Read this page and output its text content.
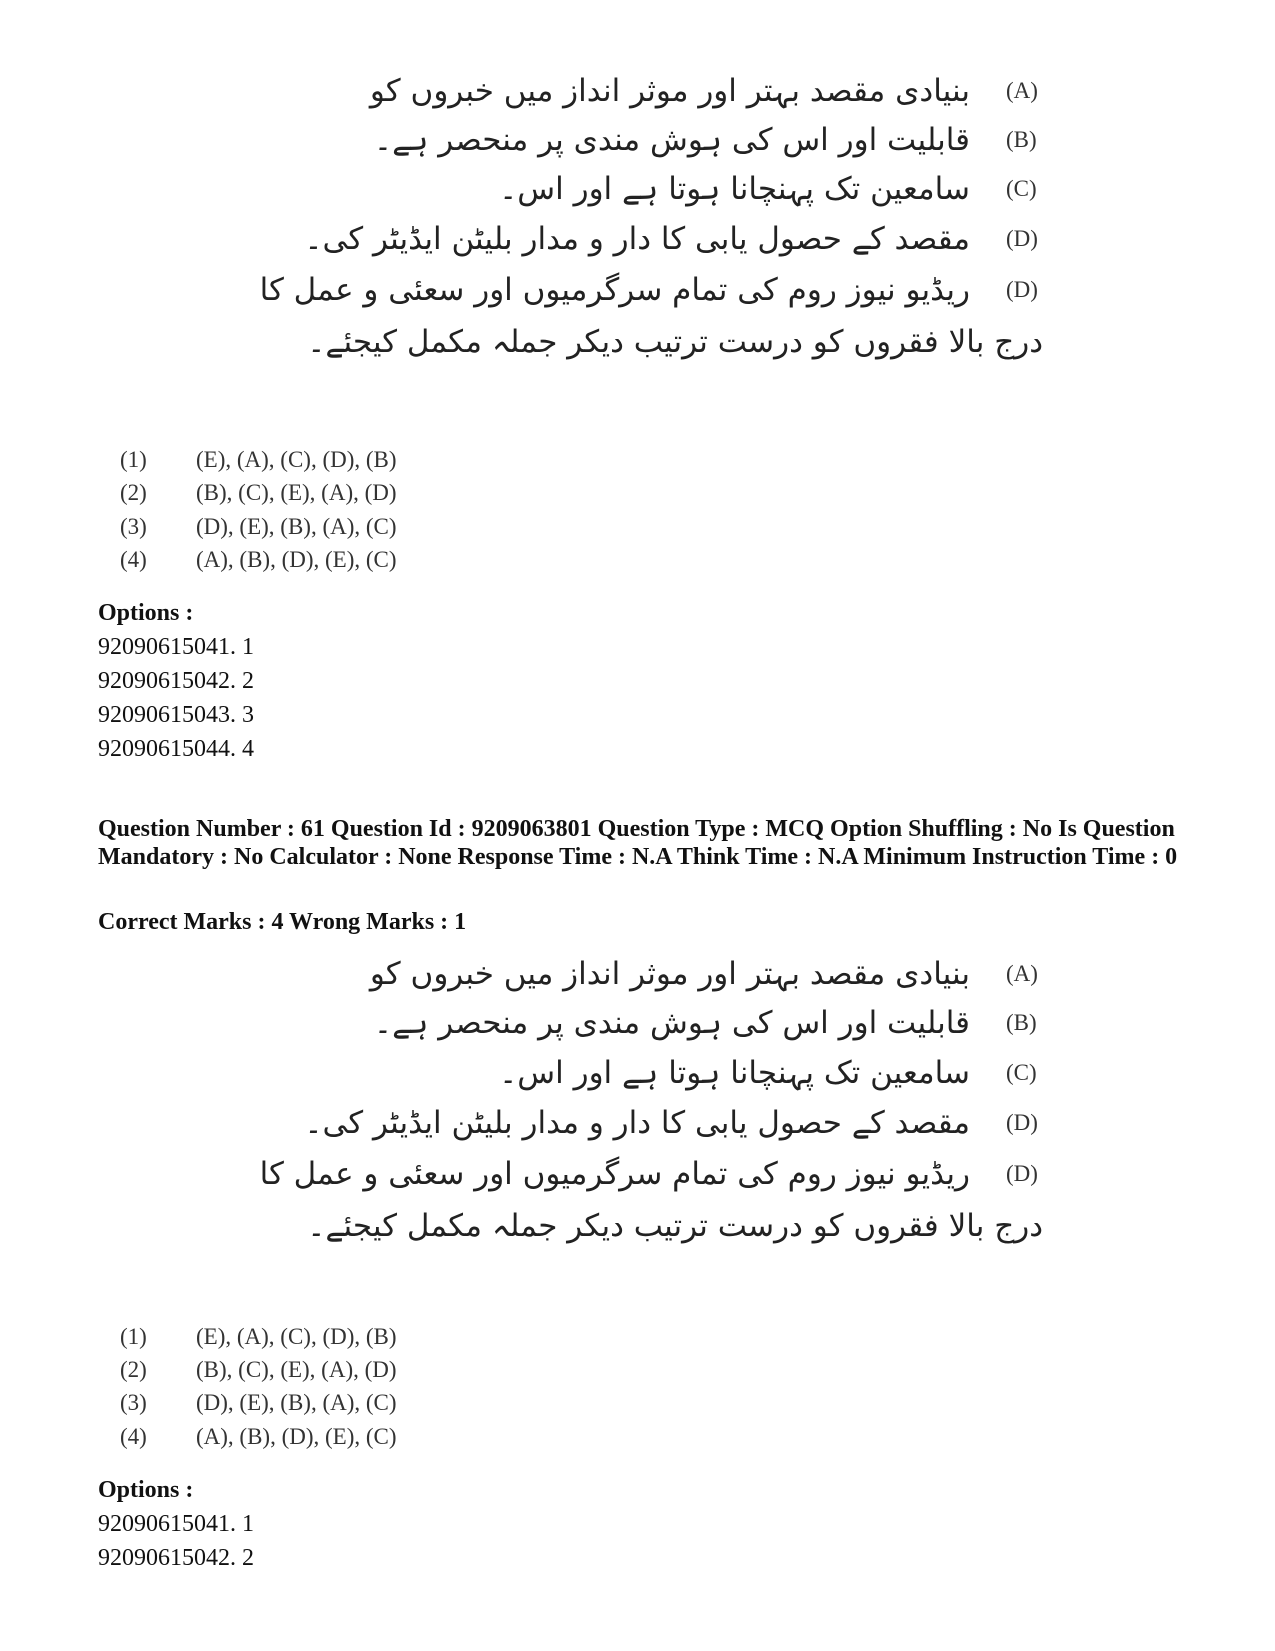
(A)
بنیادی مقصد بہتر اور موثر انداز میں خبروں کو
(B)
قابلیت اور اس کی ہوش مندی پر منحصر ہے۔
(C)
سامعین تک پہنچانا ہوتا ہے اور اس۔
(D)
مقصد کے حصول یابی کا دار و مدار بلیٹن ایڈیٹر کی۔
(D)
ریڈیو نیوز روم کی تمام سرگرمیوں اور سعئی و عمل کا
درج بالا فقروں کو درست ترتیب دیکر جملہ مکمل کیجئے۔
(1) (E), (A), (C), (D), (B)
(2) (B), (C), (E), (A), (D)
(3) (D), (E), (B), (A), (C)
(4) (A), (B), (D), (E), (C)
Options :
92090615041. 1
92090615042. 2
92090615043. 3
92090615044. 4
Question Number : 61 Question Id : 9209063801 Question Type : MCQ Option Shuffling : No Is Question Mandatory : No Calculator : None Response Time : N.A Think Time : N.A Minimum Instruction Time : 0
Correct Marks : 4 Wrong Marks : 1
(A)
بنیادی مقصد بہتر اور موثر انداز میں خبروں کو
(B)
قابلیت اور اس کی ہوش مندی پر منحصر ہے۔
(C)
سامعین تک پہنچانا ہوتا ہے اور اس۔
(D)
مقصد کے حصول یابی کا دار و مدار بلیٹن ایڈیٹر کی۔
(D)
ریڈیو نیوز روم کی تمام سرگرمیوں اور سعئی و عمل کا
درج بالا فقروں کو درست ترتیب دیکر جملہ مکمل کیجئے۔
(1) (E), (A), (C), (D), (B)
(2) (B), (C), (E), (A), (D)
(3) (D), (E), (B), (A), (C)
(4) (A), (B), (D), (E), (C)
Options :
92090615041. 1
92090615042. 2
